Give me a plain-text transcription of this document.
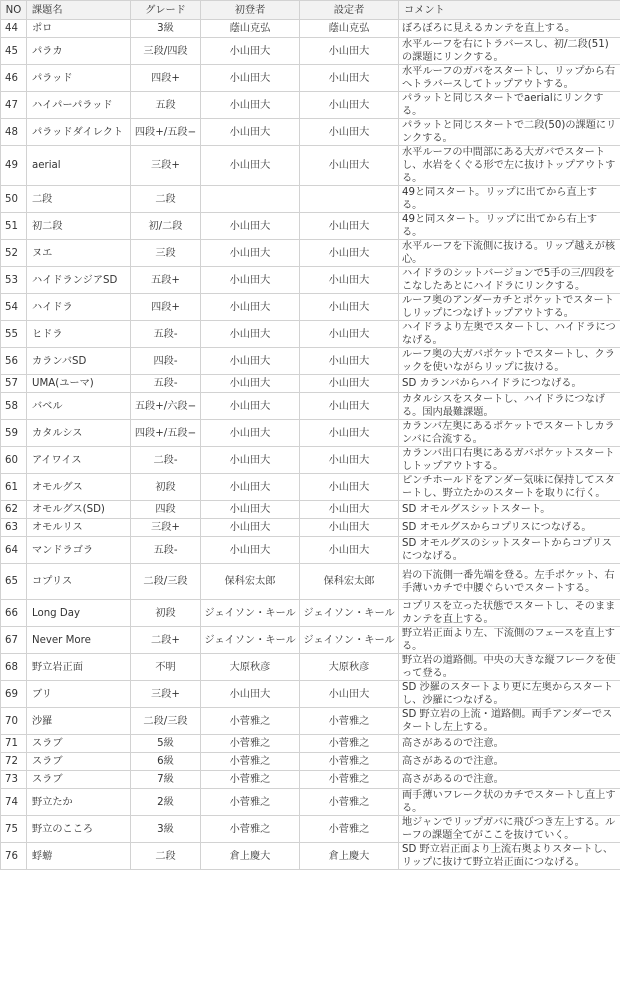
NO	課題名	グレード	初登者	設定者	コメント
44	ポロ	3級	蔭山克弘	蔭山克弘	ぼろぼろに見えるカンテを直上する。
45	パラカ	三段/四段	小山田大	小山田大	水平ルーフを右にトラバースし、初/二段(51)の課題にリンクする。
46	パラッド	四段+	小山田大	小山田大	水平ルーフのガバをスタートし、リップから右へトラバースしてトップアウトする。
47	ハイパーパラッド	五段	小山田大	小山田大	パラットと同じスタートでaerialにリンクする。
48	パラッドダイレクト	四段+/五段−	小山田大	小山田大	パラットと同じスタートで二段(50)の課題にリンクする。
49	aerial	三段+	小山田大	小山田大	水平ルーフの中間部にある大ガバでスタートし、水岩をくぐる形で左に抜けトップアウトする。
50	二段	二段			49と同スタート。リップに出てから直上する。
51	初二段	初/二段	小山田大	小山田大	49と同スタート。リップに出てから右上する。
52	ヌエ	三段	小山田大	小山田大	水平ルーフを下流側に抜ける。リップ越えが核心。
53	ハイドランジアSD	五段+	小山田大	小山田大	ハイドラのシットバージョンで5手の三/四段をこなしたあとにハイドラにリンクする。
54	ハイドラ	四段+	小山田大	小山田大	ルーフ奥のアンダーカチとポケットでスタートしリップにつなげトップアウトする。
55	ヒドラ	五段-	小山田大	小山田大	ハイドラより左奥でスタートし、ハイドラにつなげる。
56	カランバSD	四段-	小山田大	小山田大	ルーフ奥の大ガバポケットでスタートし、クラックを使いながらリップに抜ける。
57	UMA(ユーマ)	五段-	小山田大	小山田大	SD カランバからハイドラにつなげる。
58	バベル	五段+/六段−	小山田大	小山田大	カタルシスをスタートし、ハイドラにつなげる。国内最難課題。
59	カタルシス	四段+/五段−	小山田大	小山田大	カランバ左奥にあるポケットでスタートしカランバに合流する。
60	アイワイス	二段-	小山田大	小山田大	カランバ出口右奥にあるガバポケットスタートしトップアウトする。
61	オモルグス	初段	小山田大	小山田大	ピンチホールドをアンダー気味に保持してスタートし、野立たかのスタートを取りに行く。
62	オモルグス(SD)	四段	小山田大	小山田大	SD オモルグスシットスタート。
63	オモルリス	三段+	小山田大	小山田大	SD オモルグスからコプリスにつなげる。
64	マンドラゴラ	五段-	小山田大	小山田大	SD オモルグスのシットスタートからコプリスにつなげる。
65	コプリス	二段/三段	保科宏太郎	保科宏太郎	岩の下流側一番先端を登る。左手ポケット、右手薄いカチで中腰ぐらいでスタートする。
66	Long Day	初段	ジェイソン・キール	ジェイソン・キール	コプリスを立った状態でスタートし、そのままカンテを直上する。
67	Never More	二段+	ジェイソン・キール	ジェイソン・キール	野立岩正面より左、下流側のフェースを直上する。
68	野立岩正面	不明	大原秋彦	大原秋彦	野立岩の道路側。中央の大きな縦フレークを使って登る。
69	ブリ	三段+	小山田大	小山田大	SD 沙羅のスタートより更に左奥からスタートし、沙羅につなげる。
70	沙羅	二段/三段	小菅雅之	小菅雅之	SD 野立岩の上流・道路側。両手アンダーでスタートし左上する。
71	スラブ	5級	小菅雅之	小菅雅之	高さがあるので注意。
72	スラブ	6級	小菅雅之	小菅雅之	高さがあるので注意。
73	スラブ	7級	小菅雅之	小菅雅之	高さがあるので注意。
74	野立たか	2級	小菅雅之	小菅雅之	両手薄いフレーク状のカチでスタートし直上する。
75	野立のこころ	3級	小菅雅之	小菅雅之	地ジャンでリップガバに飛びつき左上する。ルーフの課題全てがここを抜けていく。
76	蜉蝣	二段	倉上慶大	倉上慶大	SD 野立岩正面より上流右奥よりスタートし、リップに抜けて野立岩正面につなげる。
